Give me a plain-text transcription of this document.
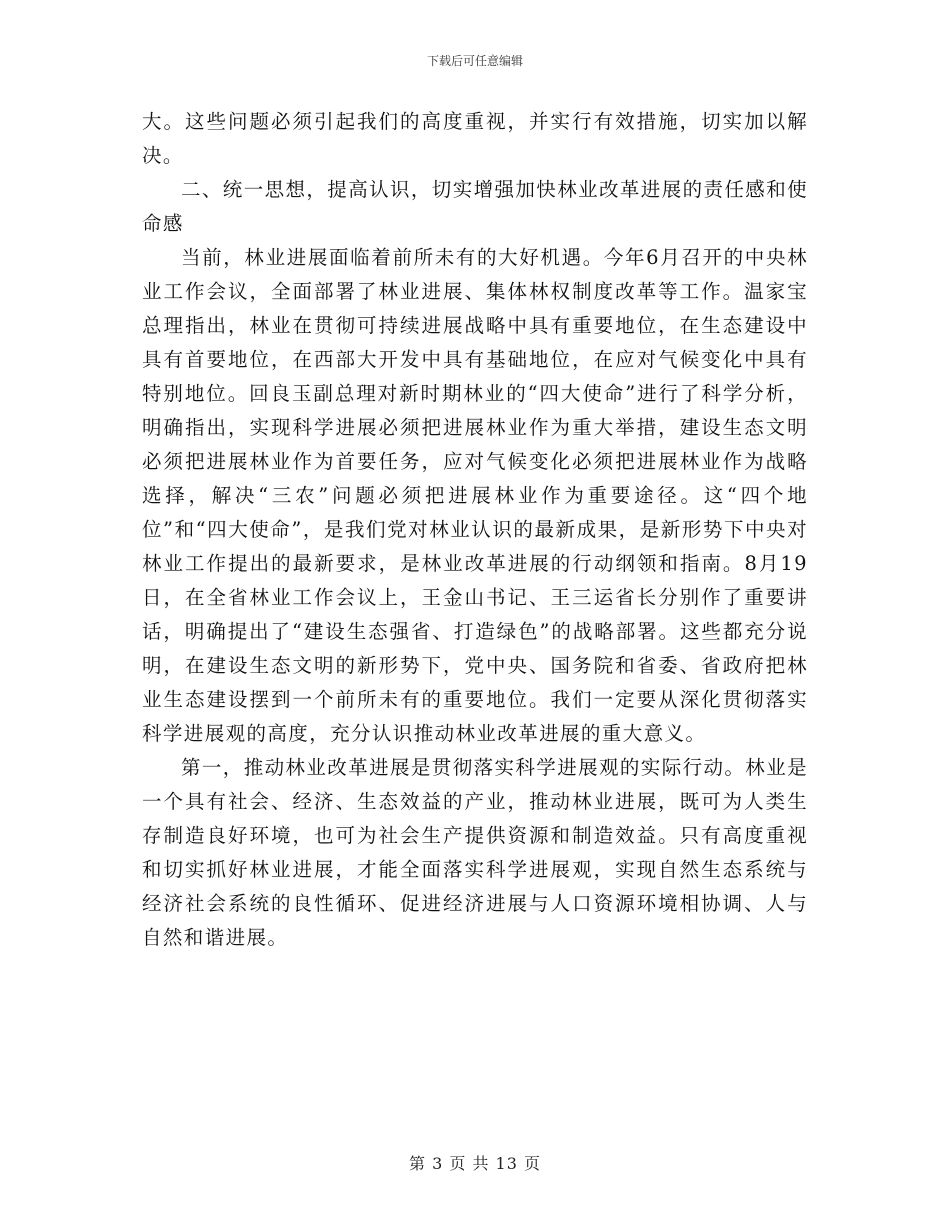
下载后可任意编辑

大。这些问题必须引起我们的高度重视，并实行有效措施，切实加以解决。

二、统一思想，提高认识，切实增强加快林业改革进展的责任感和使命感

当前，林业进展面临着前所未有的大好机遇。今年6月召开的中央林业工作会议，全面部署了林业进展、集体林权制度改革等工作。温家宝总理指出，林业在贯彻可持续进展战略中具有重要地位，在生态建设中具有首要地位，在西部大开发中具有基础地位，在应对气候变化中具有特别地位。回良玉副总理对新时期林业的“四大使命”进行了科学分析，明确指出，实现科学进展必须把进展林业作为重大举措，建设生态文明必须把进展林业作为首要任务，应对气候变化必须把进展林业作为战略选择，解决“三农”问题必须把进展林业作为重要途径。这“四个地位”和“四大使命”，是我们党对林业认识的最新成果，是新形势下中央对林业工作提出的最新要求，是林业改革进展的行动纲领和指南。8月19日，在全省林业工作会议上，王金山书记、王三运省长分别作了重要讲话，明确提出了“建设生态强省、打造绿色”的战略部署。这些都充分说明，在建设生态文明的新形势下，党中央、国务院和省委、省政府把林业生态建设摆到一个前所未有的重要地位。我们一定要从深化贯彻落实科学进展观的高度，充分认识推动林业改革进展的重大意义。

第一，推动林业改革进展是贯彻落实科学进展观的实际行动。林业是一个具有社会、经济、生态效益的产业，推动林业进展，既可为人类生存制造良好环境，也可为社会生产提供资源和制造效益。只有高度重视和切实抓好林业进展，才能全面落实科学进展观，实现自然生态系统与经济社会系统的良性循环、促进经济进展与人口资源环境相协调、人与自然和谐进展。

第 3 页 共 13 页
